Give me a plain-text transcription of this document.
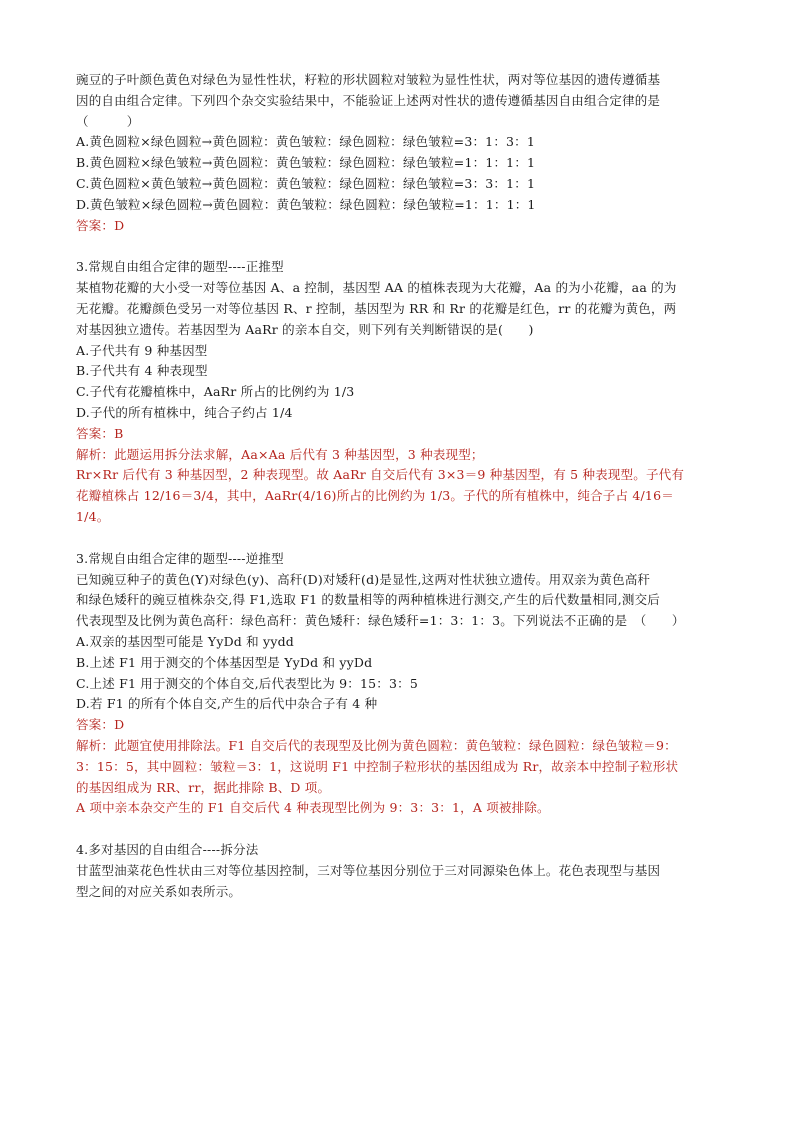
豌豆的子叶颜色黄色对绿色为显性性状，籽粒的形状圆粒对皱粒为显性性状，两对等位基因的遗传遵循基
因的自由组合定律。下列四个杂交实验结果中，不能验证上述两对性状的遗传遵循基因自由组合定律的是
（　　　）
A.黄色圆粒×绿色圆粒→黄色圆粒：黄色皱粒：绿色圆粒：绿色皱粒=3：1：3：1
B.黄色圆粒×绿色皱粒→黄色圆粒：黄色皱粒：绿色圆粒：绿色皱粒=1：1：1：1
C.黄色圆粒×黄色皱粒→黄色圆粒：黄色皱粒：绿色圆粒：绿色皱粒=3：3：1：1
D.黄色皱粒×绿色圆粒→黄色圆粒：黄色皱粒：绿色圆粒：绿色皱粒=1：1：1：1
答案：D
3.常规自由组合定律的题型----正推型
某植物花瓣的大小受一对等位基因 A、a 控制，基因型 AA 的植株表现为大花瓣，Aa 的为小花瓣，aa 的为
无花瓣。花瓣颜色受另一对等位基因 R、r 控制，基因型为 RR 和 Rr 的花瓣是红色，rr 的花瓣为黄色，两
对基因独立遗传。若基因型为 AaRr 的亲本自交，则下列有关判断错误的是(　　)
A.子代共有 9 种基因型
B.子代共有 4 种表现型
C.子代有花瓣植株中，AaRr 所占的比例约为 1/3
D.子代的所有植株中，纯合子约占 1/4
答案：B
解析：此题运用拆分法求解，Aa×Aa 后代有 3 种基因型，3 种表现型；
Rr×Rr 后代有 3 种基因型，2 种表现型。故 AaRr 自交后代有 3×3＝9 种基因型，有 5 种表现型。子代有
花瓣植株占 12/16＝3/4，其中，AaRr(4/16)所占的比例约为 1/3。子代的所有植株中，纯合子占 4/16＝
1/4。
3.常规自由组合定律的题型----逆推型
已知豌豆种子的黄色(Y)对绿色(y)、高秆(D)对矮秆(d)是显性,这两对性状独立遗传。用双亲为黄色高秆
和绿色矮秆的豌豆植株杂交,得 F1,选取 F1 的数量相等的两种植株进行测交,产生的后代数量相同,测交后
代表现型及比例为黄色高秆：绿色高秆：黄色矮秆：绿色矮秆=1：3：1：3。下列说法不正确的是　（　　）
A.双亲的基因型可能是 YyDd 和 yydd
B.上述 F1 用于测交的个体基因型是 YyDd 和 yyDd
C.上述 F1 用于测交的个体自交,后代表型比为 9：15：3：5
D.若 F1 的所有个体自交,产生的后代中杂合子有 4 种
答案：D
解析：此题宜使用排除法。F1 自交后代的表现型及比例为黄色圆粒：黄色皱粒：绿色圆粒：绿色皱粒＝9：
3：15：5，其中圆粒：皱粒＝3：1，这说明 F1 中控制子粒形状的基因组成为 Rr，故亲本中控制子粒形状
的基因组成为 RR、rr，据此排除 B、D 项。
A 项中亲本杂交产生的 F1 自交后代 4 种表现型比例为 9：3：3：1，A 项被排除。
4.多对基因的自由组合----拆分法
甘蓝型油菜花色性状由三对等位基因控制，三对等位基因分别位于三对同源染色体上。花色表现型与基因
型之间的对应关系如表所示。
